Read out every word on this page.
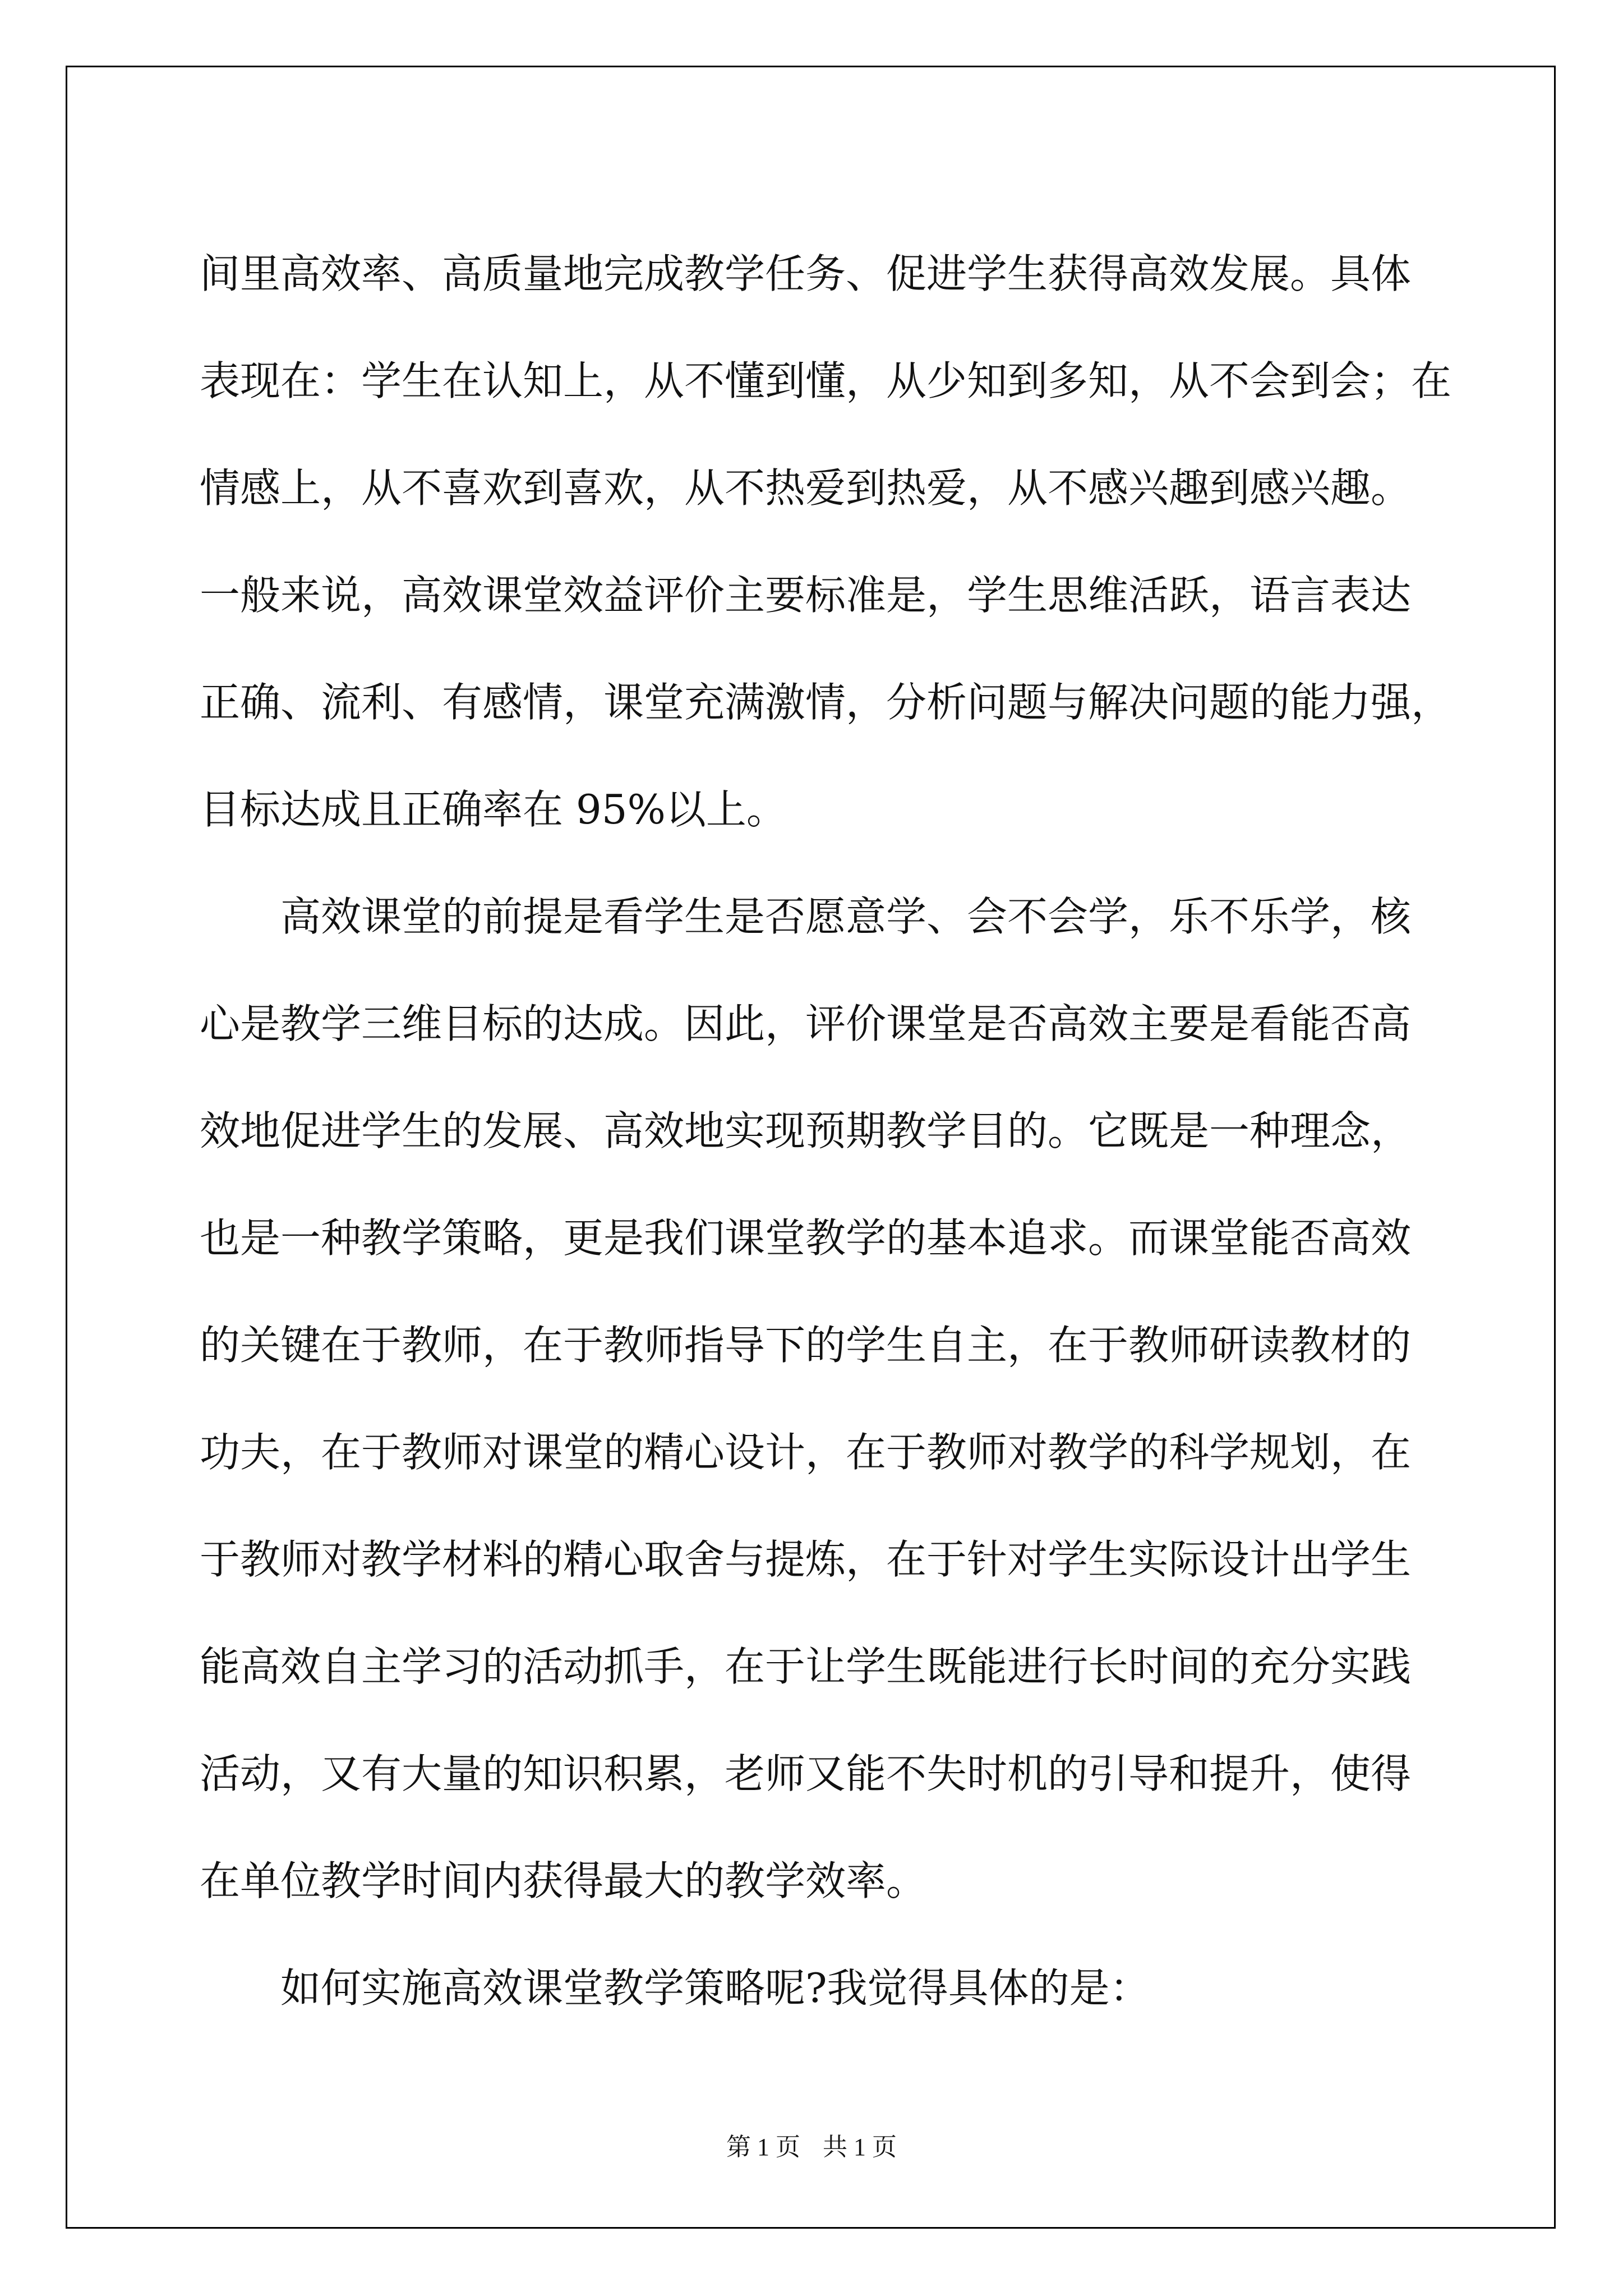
间里高效率、高质量地完成教学任务、促进学生获得高效发展。具体
表现在：学生在认知上，从不懂到懂，从少知到多知，从不会到会；在
情感上，从不喜欢到喜欢，从不热爱到热爱，从不感兴趣到感兴趣。
一般来说，高效课堂效益评价主要标准是，学生思维活跃，语言表达
正确、流利、有感情，课堂充满激情，分析问题与解决问题的能力强，
目标达成且正确率在 95%以上。
高效课堂的前提是看学生是否愿意学、会不会学，乐不乐学，核
心是教学三维目标的达成。因此，评价课堂是否高效主要是看能否高
效地促进学生的发展、高效地实现预期教学目的。它既是一种理念，
也是一种教学策略，更是我们课堂教学的基本追求。而课堂能否高效
的关键在于教师，在于教师指导下的学生自主，在于教师研读教材的
功夫，在于教师对课堂的精心设计，在于教师对教学的科学规划，在
于教师对教学材料的精心取舍与提炼，在于针对学生实际设计出学生
能高效自主学习的活动抓手，在于让学生既能进行长时间的充分实践
活动，又有大量的知识积累，老师又能不失时机的引导和提升，使得
在单位教学时间内获得最大的教学效率。
如何实施高效课堂教学策略呢?我觉得具体的是：
第 1 页 共 1 页
